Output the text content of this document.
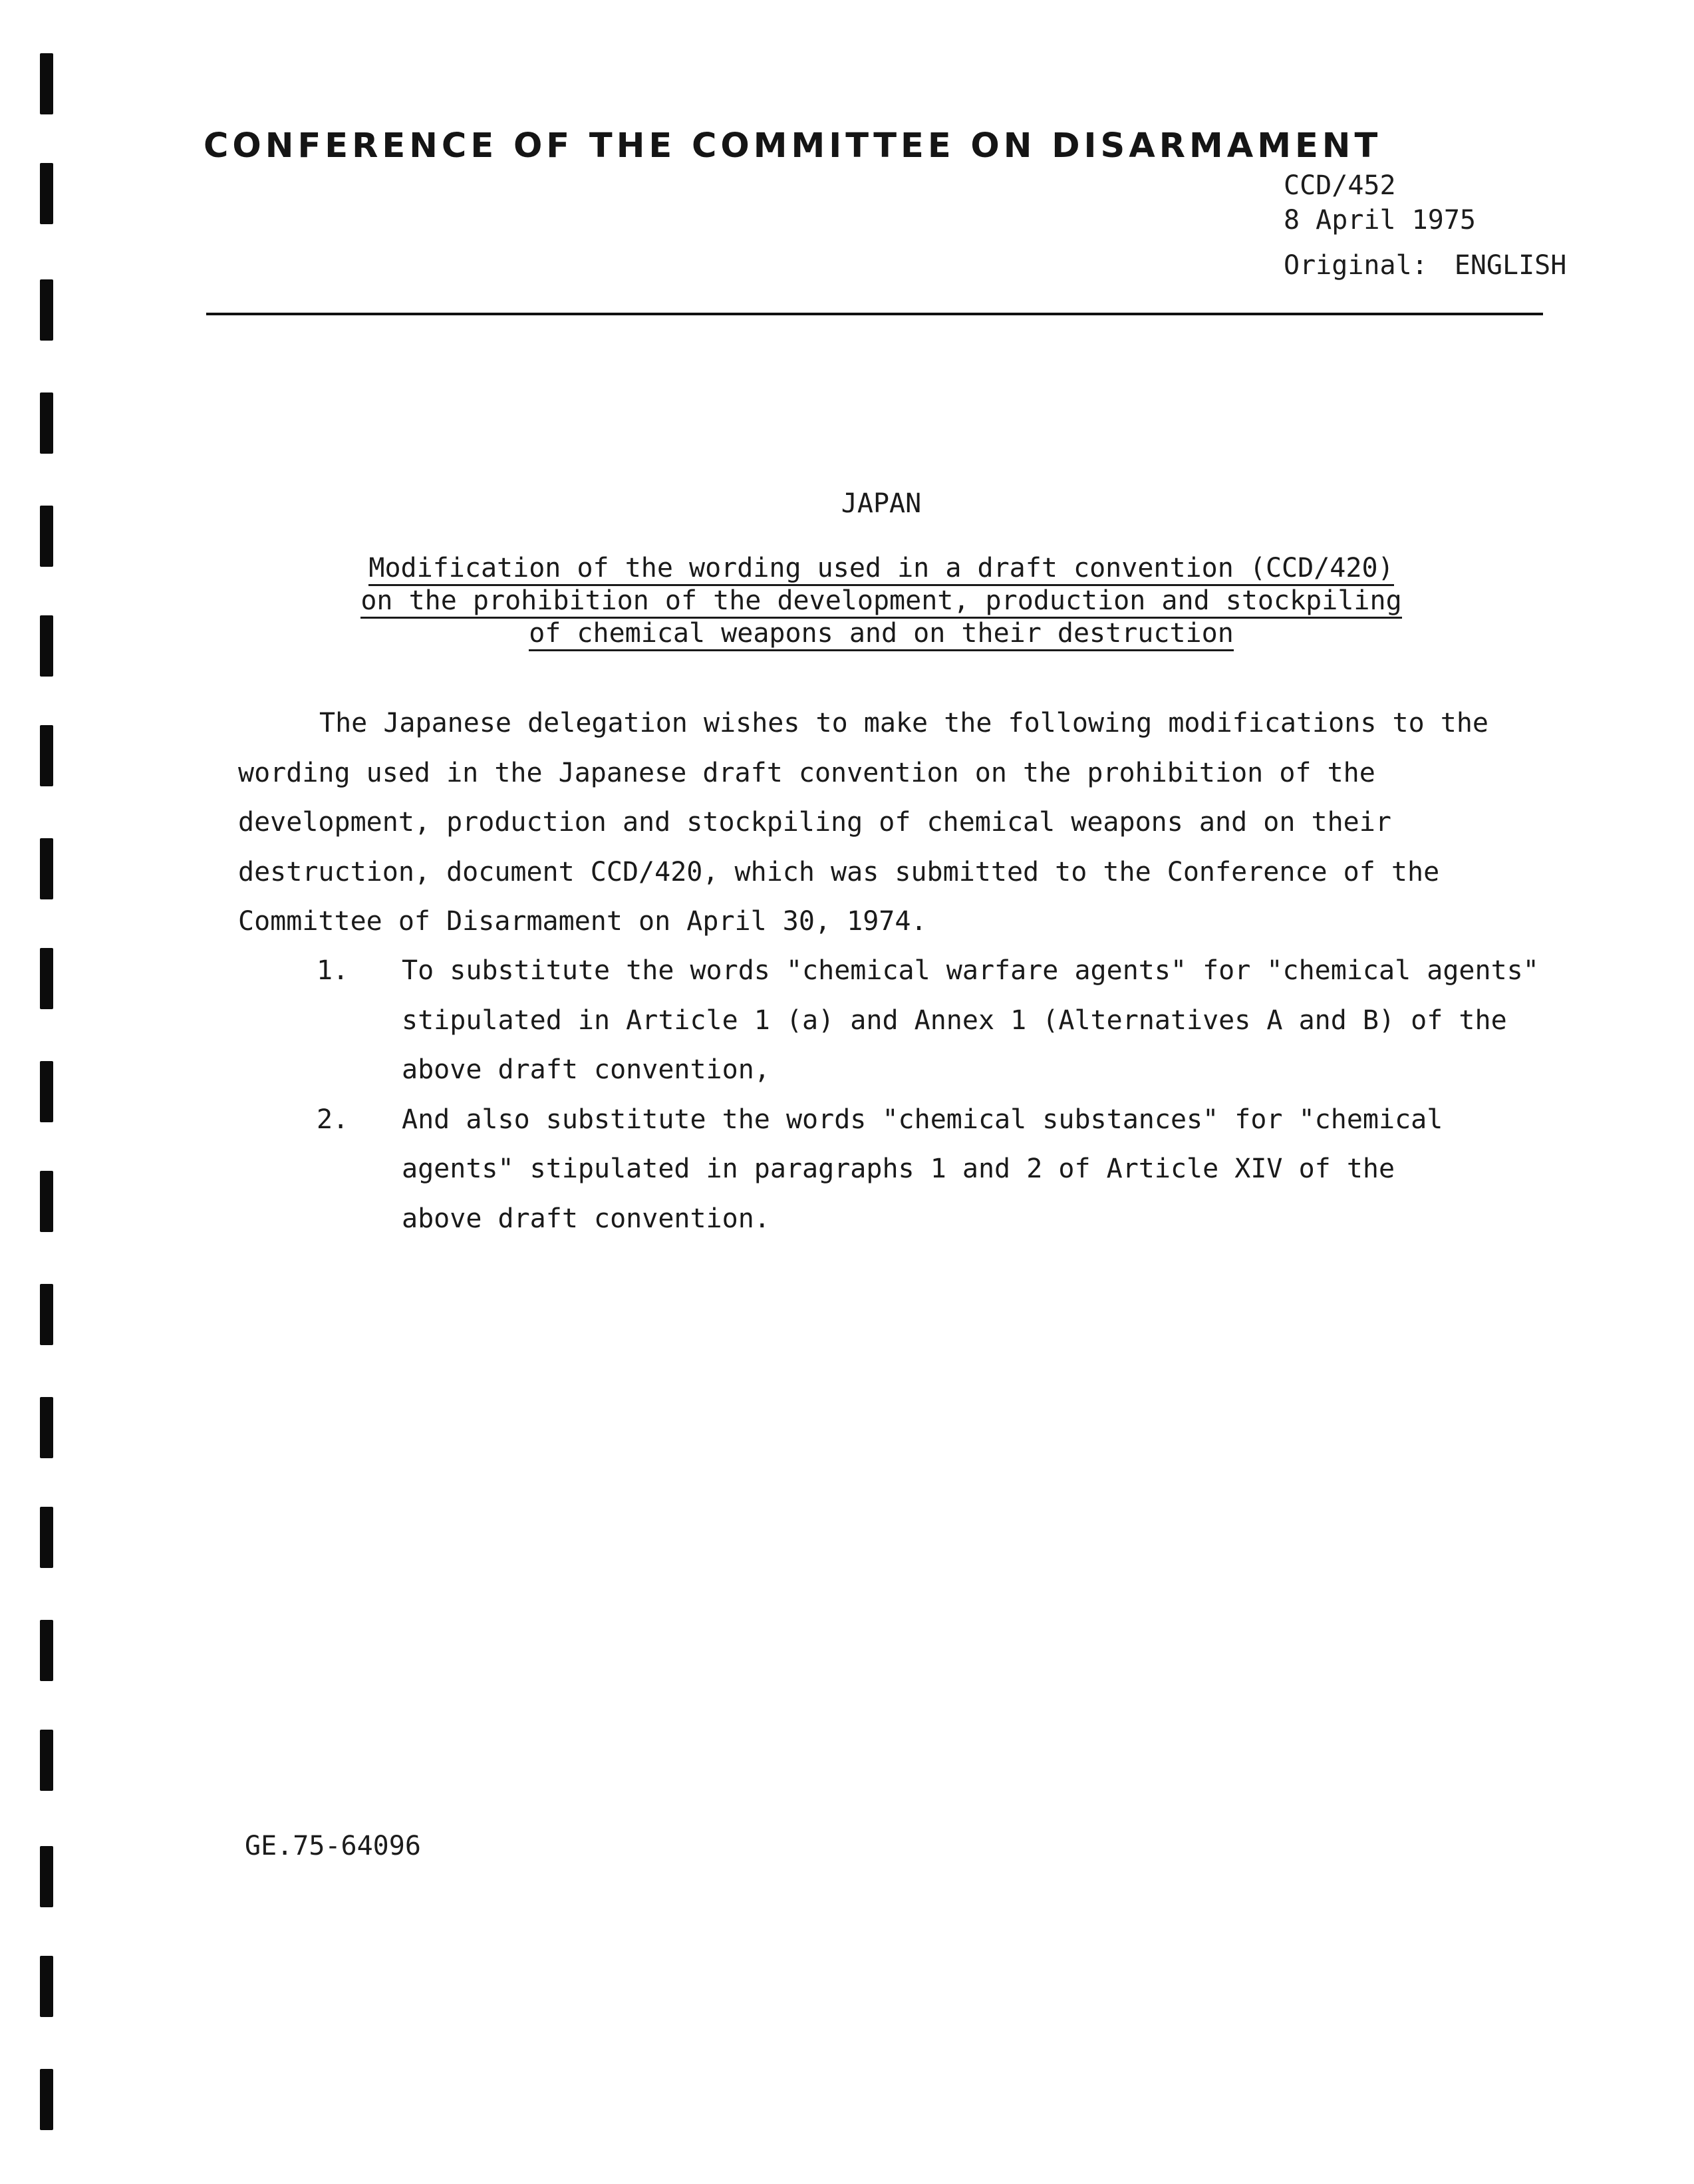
CONFERENCE OF THE COMMITTEE ON DISARMAMENT
CCD/452
8 April 1975
Original: ENGLISH
JAPAN
Modification of the wording used in a draft convention (CCD/420)
on the prohibition of the development, production and stockpiling
of chemical weapons and on their destruction

The Japanese delegation wishes to make the following modifications to the
wording used in the Japanese draft convention on the prohibition of the
development, production and stockpiling of chemical weapons and on their
destruction, document CCD/420, which was submitted to the Conference of the
Committee of Disarmament on April 30, 1974.

1.	To substitute the words "chemical warfare agents" for "chemical agents"
stipulated in Article 1 (a) and Annex 1 (Alternatives A and B) of the
above draft convention,
2.	And also substitute the words "chemical substances" for "chemical
agents" stipulated in paragraphs 1 and 2 of Article XIV of the
above draft convention.
GE.75-64096
